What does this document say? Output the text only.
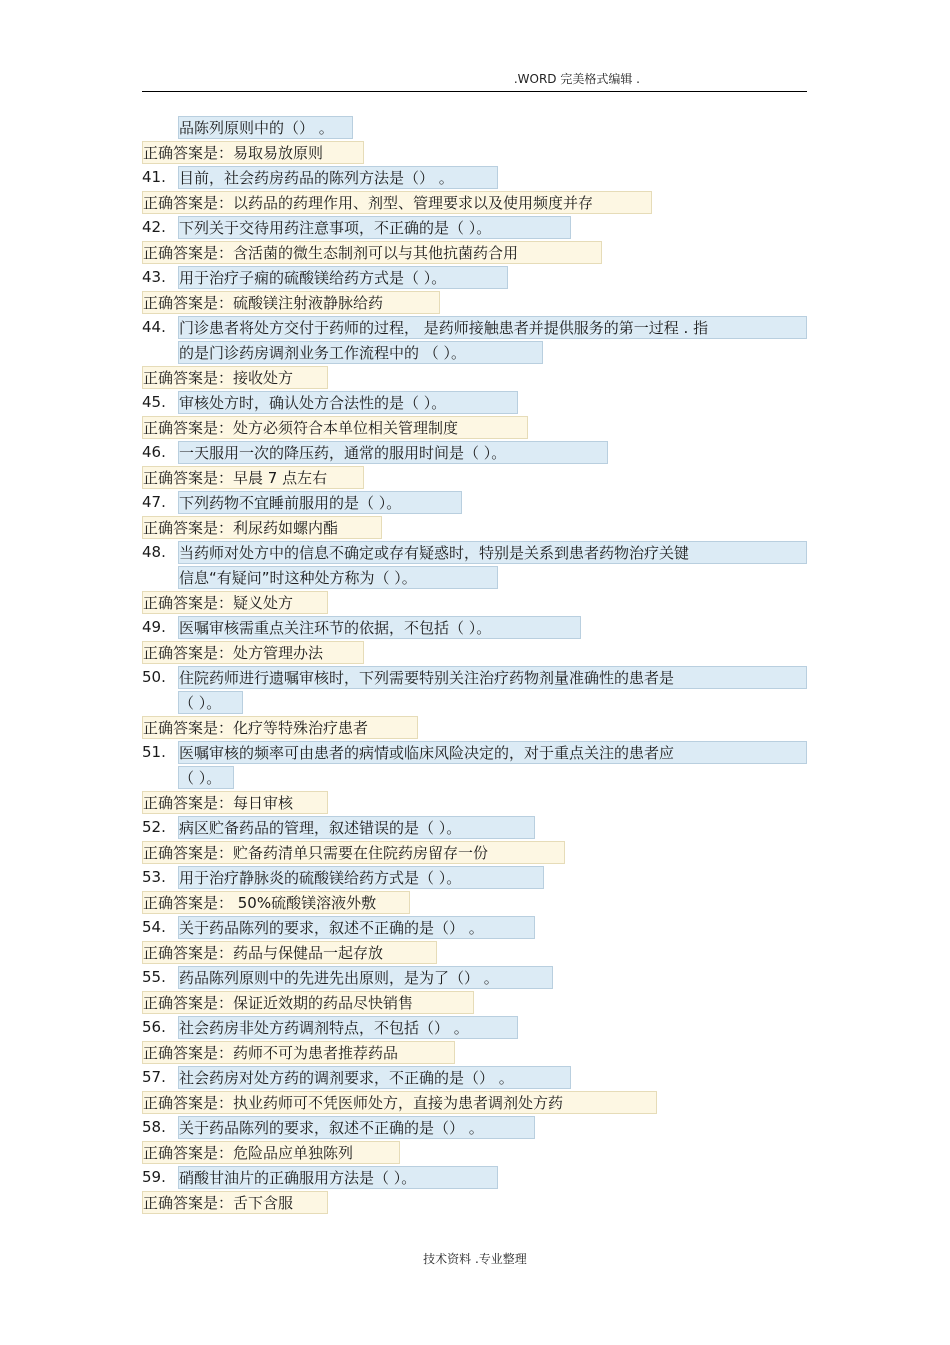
.WORD 完美格式编辑 .
品陈列原则中的（） 。
正确答案是：易取易放原则
41. 目前，社会药房药品的陈列方法是（） 。
正确答案是：以药品的药理作用、剂型、管理要求以及使用频度并存
42. 下列关于交待用药注意事项，不正确的是（ ）。
正确答案是：含活菌的微生态制剂可以与其他抗菌药合用
43. 用于治疗子痫的硫酸镁给药方式是（ ）。
正确答案是：硫酸镁注射液静脉给药
44. 门诊患者将处方交付于药师的过程， 是药师接触患者并提供服务的第一过程 . 指
的是门诊药房调剂业务工作流程中的 （ ）。
正确答案是：接收处方
45. 审核处方时，确认处方合法性的是（ ）。
正确答案是：处方必须符合本单位相关管理制度
46. 一天服用一次的降压药，通常的服用时间是（ ）。
正确答案是：早晨 7 点左右
47. 下列药物不宜睡前服用的是（ ）。
正确答案是：利尿药如螺内酯
48. 当药师对处方中的信息不确定或存有疑惑时，特别是关系到患者药物治疗关键
信息“有疑问”时这种处方称为（ ）。
正确答案是：疑义处方
49. 医嘱审核需重点关注环节的依据，不包括（ ）。
正确答案是：处方管理办法
50. 住院药师进行遗嘱审核时，下列需要特别关注治疗药物剂量准确性的患者是
（ ）。
正确答案是：化疗等特殊治疗患者
51. 医嘱审核的频率可由患者的病情或临床风险决定的，对于重点关注的患者应
（ ）。
正确答案是：每日审核
52. 病区贮备药品的管理，叙述错误的是（ ）。
正确答案是：贮备药清单只需要在住院药房留存一份
53. 用于治疗静脉炎的硫酸镁给药方式是（ ）。
正确答案是： 50%硫酸镁溶液外敷
54. 关于药品陈列的要求，叙述不正确的是（） 。
正确答案是：药品与保健品一起存放
55. 药品陈列原则中的先进先出原则，是为了（） 。
正确答案是：保证近效期的药品尽快销售
56. 社会药房非处方药调剂特点，不包括（） 。
正确答案是：药师不可为患者推荐药品
57. 社会药房对处方药的调剂要求，不正确的是（） 。
正确答案是：执业药师可不凭医师处方，直接为患者调剂处方药
58. 关于药品陈列的要求，叙述不正确的是（） 。
正确答案是：危险品应单独陈列
59. 硝酸甘油片的正确服用方法是（ ）。
正确答案是：舌下含服
技术资料 .专业整理
